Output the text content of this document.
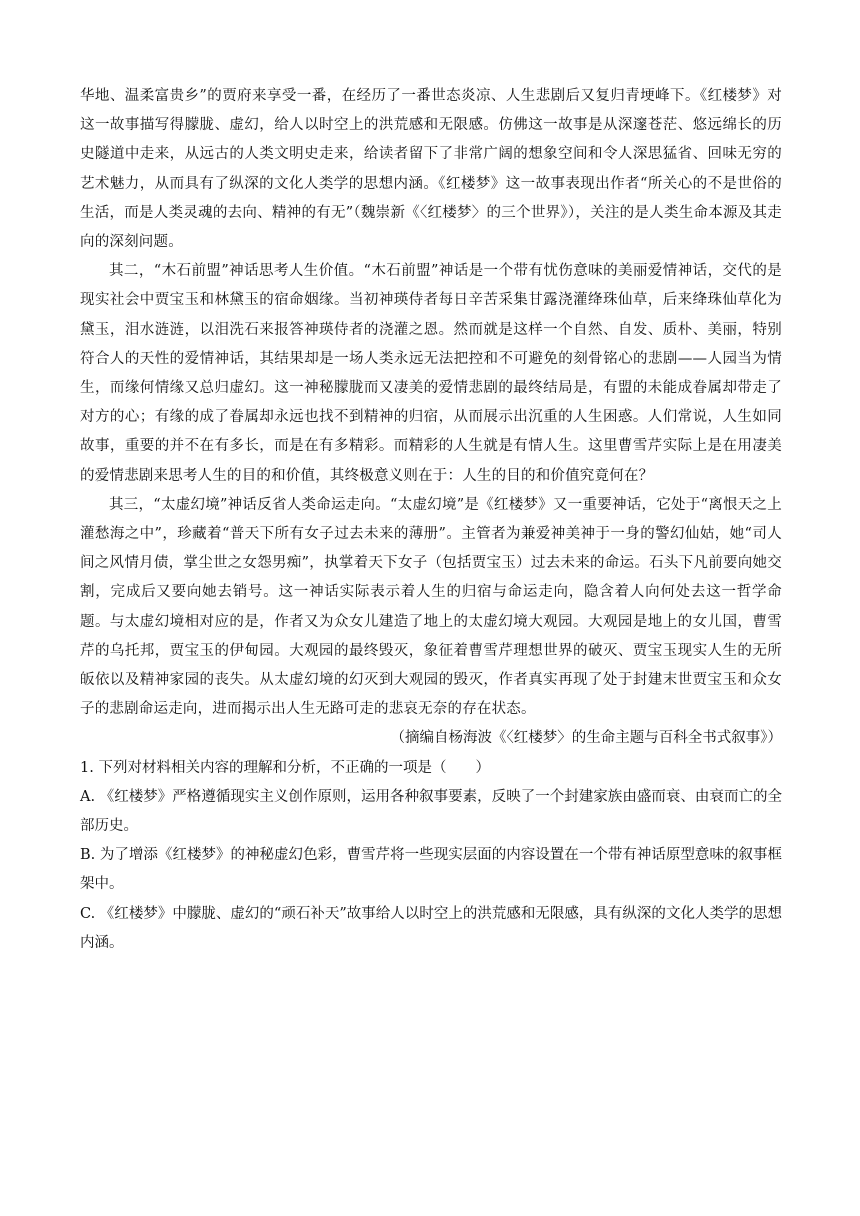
华地、温柔富贵乡”的贾府来享受一番，在经历了一番世态炎凉、人生悲剧后又复归青埂峰下。《红楼梦》对这一故事描写得朦胧、虚幻，给人以时空上的洪荒感和无限感。仿佛这一故事是从深邃苍茫、悠远绵长的历史隧道中走来，从远古的人类文明史走来，给读者留下了非常广阔的想象空间和令人深思猛省、回味无穷的艺术魅力，从而具有了纵深的文化人类学的思想内涵。《红楼梦》这一故事表现出作者“所关心的不是世俗的生活，而是人类灵魂的去向、精神的有无”（魏崇新《〈红楼梦〉的三个世界》），关注的是人类生命本源及其走向的深刻问题。

其二，“木石前盟”神话思考人生价值。“木石前盟”神话是一个带有忧伤意味的美丽爱情神话，交代的是现实社会中贾宝玉和林黛玉的宿命姻缘。当初神瑛侍者每日辛苦采集甘露浇灌绛珠仙草，后来绛珠仙草化为黛玉，泪水涟涟，以泪洗石来报答神瑛侍者的浇灌之恩。然而就是这样一个自然、自发、质朴、美丽，特别符合人的天性的爱情神话，其结果却是一场人类永远无法把控和不可避免的刻骨铭心的悲剧——人园当为情生，而缘何情缘又总归虚幻。这一神秘朦胧而又凄美的爱情悲剧的最终结局是，有盟的未能成眷属却带走了对方的心；有缘的成了眷属却永远也找不到精神的归宿，从而展示出沉重的人生困惑。人们常说，人生如同故事，重要的并不在有多长，而是在有多精彩。而精彩的人生就是有情人生。这里曹雪芹实际上是在用凄美的爱情悲剧来思考人生的目的和价值，其终极意义则在于：人生的目的和价值究竟何在？

其三，“太虚幻境”神话反省人类命运走向。“太虚幻境”是《红楼梦》又一重要神话，它处于“离恨天之上灌愁海之中”，珍藏着“普天下所有女子过去未来的薄册”。主管者为兼爱神美神于一身的警幻仙姑，她“司人间之风情月债，掌尘世之女怨男痴”，执掌着天下女子（包括贾宝玉）过去未来的命运。石头下凡前要向她交割，完成后又要向她去销号。这一神话实际表示着人生的归宿与命运走向，隐含着人向何处去这一哲学命题。与太虚幻境相对应的是，作者又为众女儿建造了地上的太虚幻境大观园。大观园是地上的女儿国，曹雪芹的乌托邦，贾宝玉的伊甸园。大观园的最终毁灭，象征着曹雪芹理想世界的破灭、贾宝玉现实人生的无所皈依以及精神家园的丧失。从太虚幻境的幻灭到大观园的毁灭，作者真实再现了处于封建末世贾宝玉和众女子的悲剧命运走向，进而揭示出人生无路可走的悲哀无奈的存在状态。

（摘编自杨海波《〈红楼梦〉的生命主题与百科全书式叙事》）

1. 下列对材料相关内容的理解和分析，不正确的一项是（　　）

A. 《红楼梦》严格遵循现实主义创作原则，运用各种叙事要素，反映了一个封建家族由盛而衰、由衰而亡的全部历史。

B. 为了增添《红楼梦》的神秘虚幻色彩，曹雪芹将一些现实层面的内容设置在一个带有神话原型意味的叙事框架中。

C. 《红楼梦》中朦胧、虚幻的“顽石补天”故事给人以时空上的洪荒感和无限感，具有纵深的文化人类学的思想内涵。
